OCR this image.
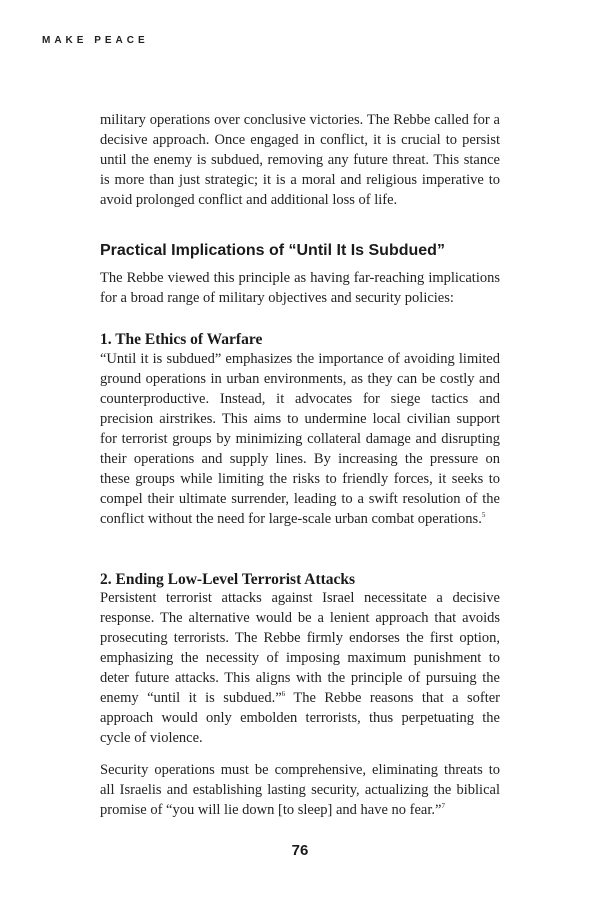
MAKE PEACE

military operations over conclusive victories. The Rebbe called for a decisive approach. Once engaged in conflict, it is crucial to persist until the enemy is subdued, removing any future threat. This stance is more than just strategic; it is a moral and religious imperative to avoid prolonged conflict and additional loss of life.

Practical Implications of “Until It Is Subdued”

The Rebbe viewed this principle as having far-reaching implications for a broad range of military objectives and security policies:

1. The Ethics of Warfare

“Until it is subdued” emphasizes the importance of avoiding limited ground operations in urban environments, as they can be costly and counterproductive. Instead, it advocates for siege tactics and precision airstrikes. This aims to undermine local civilian support for terrorist groups by minimizing collateral damage and disrupting their operations and supply lines. By increasing the pressure on these groups while limiting the risks to friendly forces, it seeks to compel their ultimate surrender, leading to a swift resolution of the conflict without the need for large-scale urban combat operations.$^5$

2. Ending Low-Level Terrorist Attacks

Persistent terrorist attacks against Israel necessitate a decisive response. The alternative would be a lenient approach that avoids prosecuting terrorists. The Rebbe firmly endorses the first option, emphasizing the necessity of imposing maximum punishment to deter future attacks. This aligns with the principle of pursuing the enemy “until it is subdued.”$^6$ The Rebbe reasons that a softer approach would only embolden terrorists, thus perpetuating the cycle of violence.

Security operations must be comprehensive, eliminating threats to all Israelis and establishing lasting security, actualizing the biblical promise of “you will lie down [to sleep] and have no fear.”$^7$

76
